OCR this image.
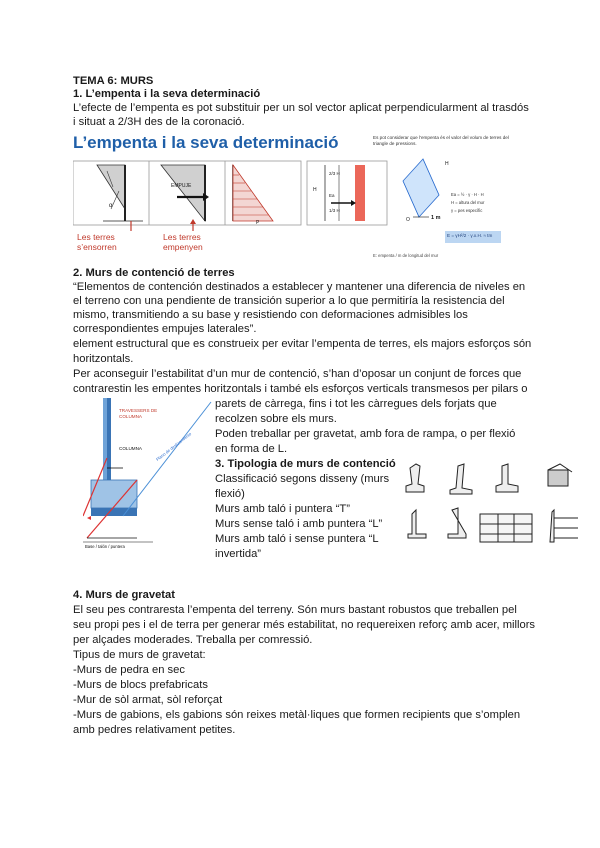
TEMA 6: MURS
1. L’empenta i la seva determinació
L’efecte de l’empenta es pot substituir per un sol vector aplicat perpendicularment al trasdós
i situat a 2/3H des de la coronació.
L’empenta i la seva determinació	Es pot considerar que l’empenta és el valor del volum de terres del triangle de pressions.
α
EMPUJE
P
H
2/3 H
Ea
1/3 H
H
O	1 m
Ea = ½ · γ · H · H
H = altura del mur
γ = pes específic
E = γH²/2 · γ.x.H. ≈ tm
E: empenta / m de longitud del mur
Les terres
s’ensorren
Les terres
empenyen
2. Murs de contenció de terres
“Elementos de contención destinados a establecer y mantener una diferencia de niveles en
el terreno con una pendiente de transición superior a lo que permitiría la resistencia del
mismo, transmitiendo a su base y resistiendo con deformaciones admisibles los
correspondientes empujes laterales”.
element estructural que es construeix per evitar l’empenta de terres, els majors esforços són
horitzontals.
Per aconseguir l’estabilitat d’un mur de contenció, s’han d’oposar un conjunt de forces que
contrarestin les empentes horitzontals i també els esforços verticals transmesos per pilars o
TRAVESSERS DE COLUMNA
COLUMNA	Plano de deslizamiento
Base / talón / puntera
parets de càrrega, fins i tot les càrregues dels forjats que
recolzen sobre els murs.
Poden treballar per gravetat, amb fora de rampa, o per flexió
en forma de L.
3. Tipologia de murs de contenció
Classificació segons disseny (murs
flexió)
Murs amb taló i puntera “T”
Murs sense taló i amb puntera “L”
Murs amb taló i sense puntera “L
invertida”
4. Murs de gravetat
El seu pes contraresta l’empenta del terreny. Són murs bastant robustos que treballen pel
seu propi pes i el de terra per generar més estabilitat, no requereixen reforç amb acer, millors
per alçades moderades. Treballa per comressió.
Tipus de murs de gravetat:
-Murs de pedra en sec
-Murs de blocs prefabricats
-Mur de sòl armat, sòl reforçat
-Murs de gabions, els gabions són reixes metàl·liques que formen recipients que s’omplen
amb pedres relativament petites.
